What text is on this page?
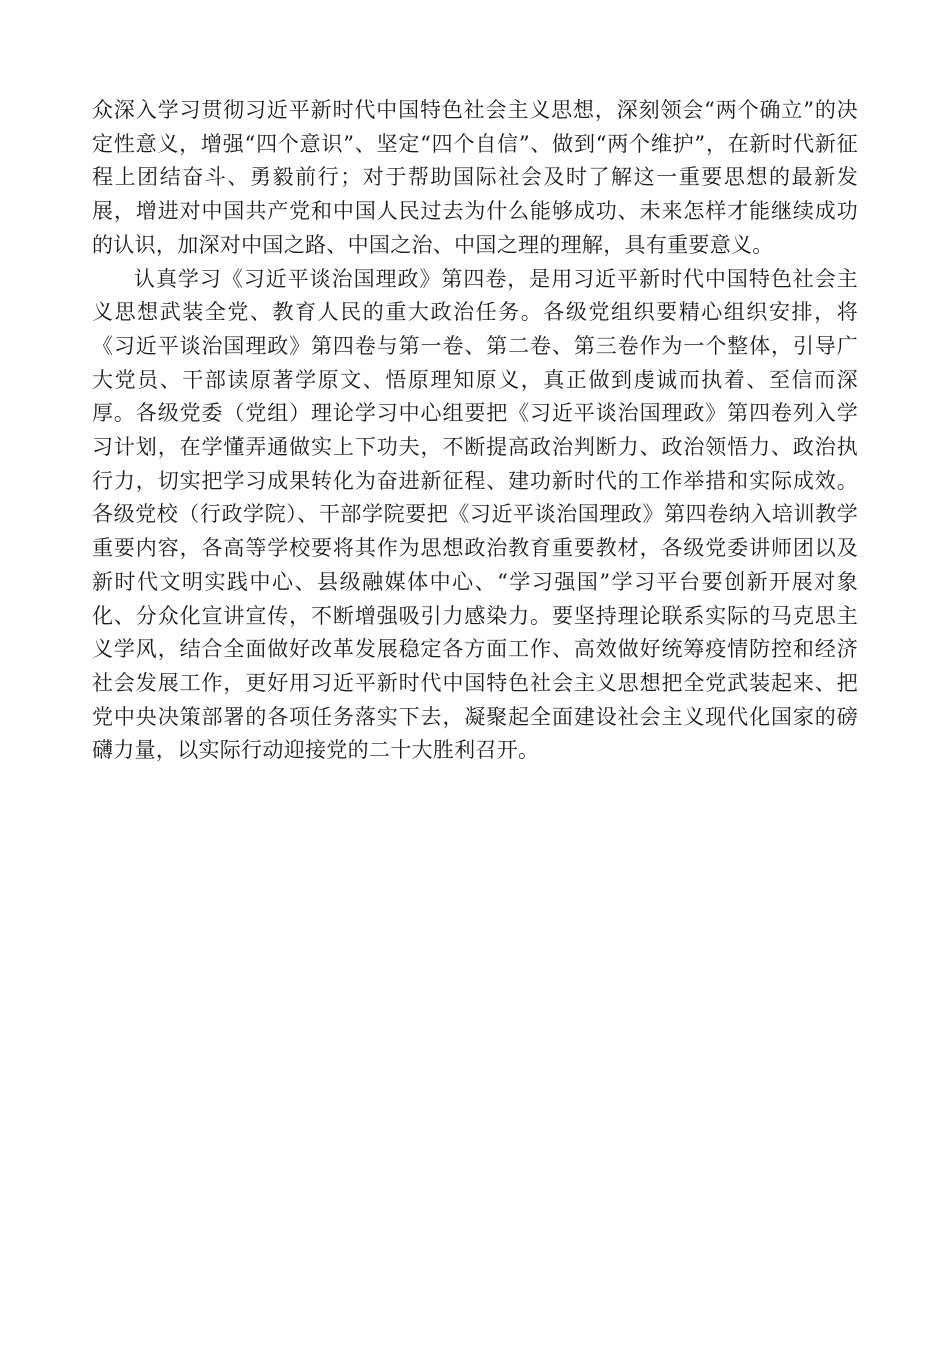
众深入学习贯彻习近平新时代中国特色社会主义思想，深刻领会“两个确立”的决定性意义，增强“四个意识”、坚定“四个自信”、做到“两个维护”，在新时代新征程上团结奋斗、勇毅前行；对于帮助国际社会及时了解这一重要思想的最新发展，增进对中国共产党和中国人民过去为什么能够成功、未来怎样才能继续成功的认识，加深对中国之路、中国之治、中国之理的理解，具有重要意义。

认真学习《习近平谈治国理政》第四卷，是用习近平新时代中国特色社会主义思想武装全党、教育人民的重大政治任务。各级党组织要精心组织安排，将《习近平谈治国理政》第四卷与第一卷、第二卷、第三卷作为一个整体，引导广大党员、干部读原著学原文、悟原理知原义，真正做到虔诚而执着、至信而深厚。各级党委（党组）理论学习中心组要把《习近平谈治国理政》第四卷列入学习计划，在学懂弄通做实上下功夫，不断提高政治判断力、政治领悟力、政治执行力，切实把学习成果转化为奋进新征程、建功新时代的工作举措和实际成效。各级党校（行政学院）、干部学院要把《习近平谈治国理政》第四卷纳入培训教学重要内容，各高等学校要将其作为思想政治教育重要教材，各级党委讲师团以及新时代文明实践中心、县级融媒体中心、“学习强国”学习平台要创新开展对象化、分众化宣讲宣传，不断增强吸引力感染力。要坚持理论联系实际的马克思主义学风，结合全面做好改革发展稳定各方面工作、高效做好统筹疫情防控和经济社会发展工作，更好用习近平新时代中国特色社会主义思想把全党武装起来、把党中央决策部署的各项任务落实下去，凝聚起全面建设社会主义现代化国家的磅礴力量，以实际行动迎接党的二十大胜利召开。
